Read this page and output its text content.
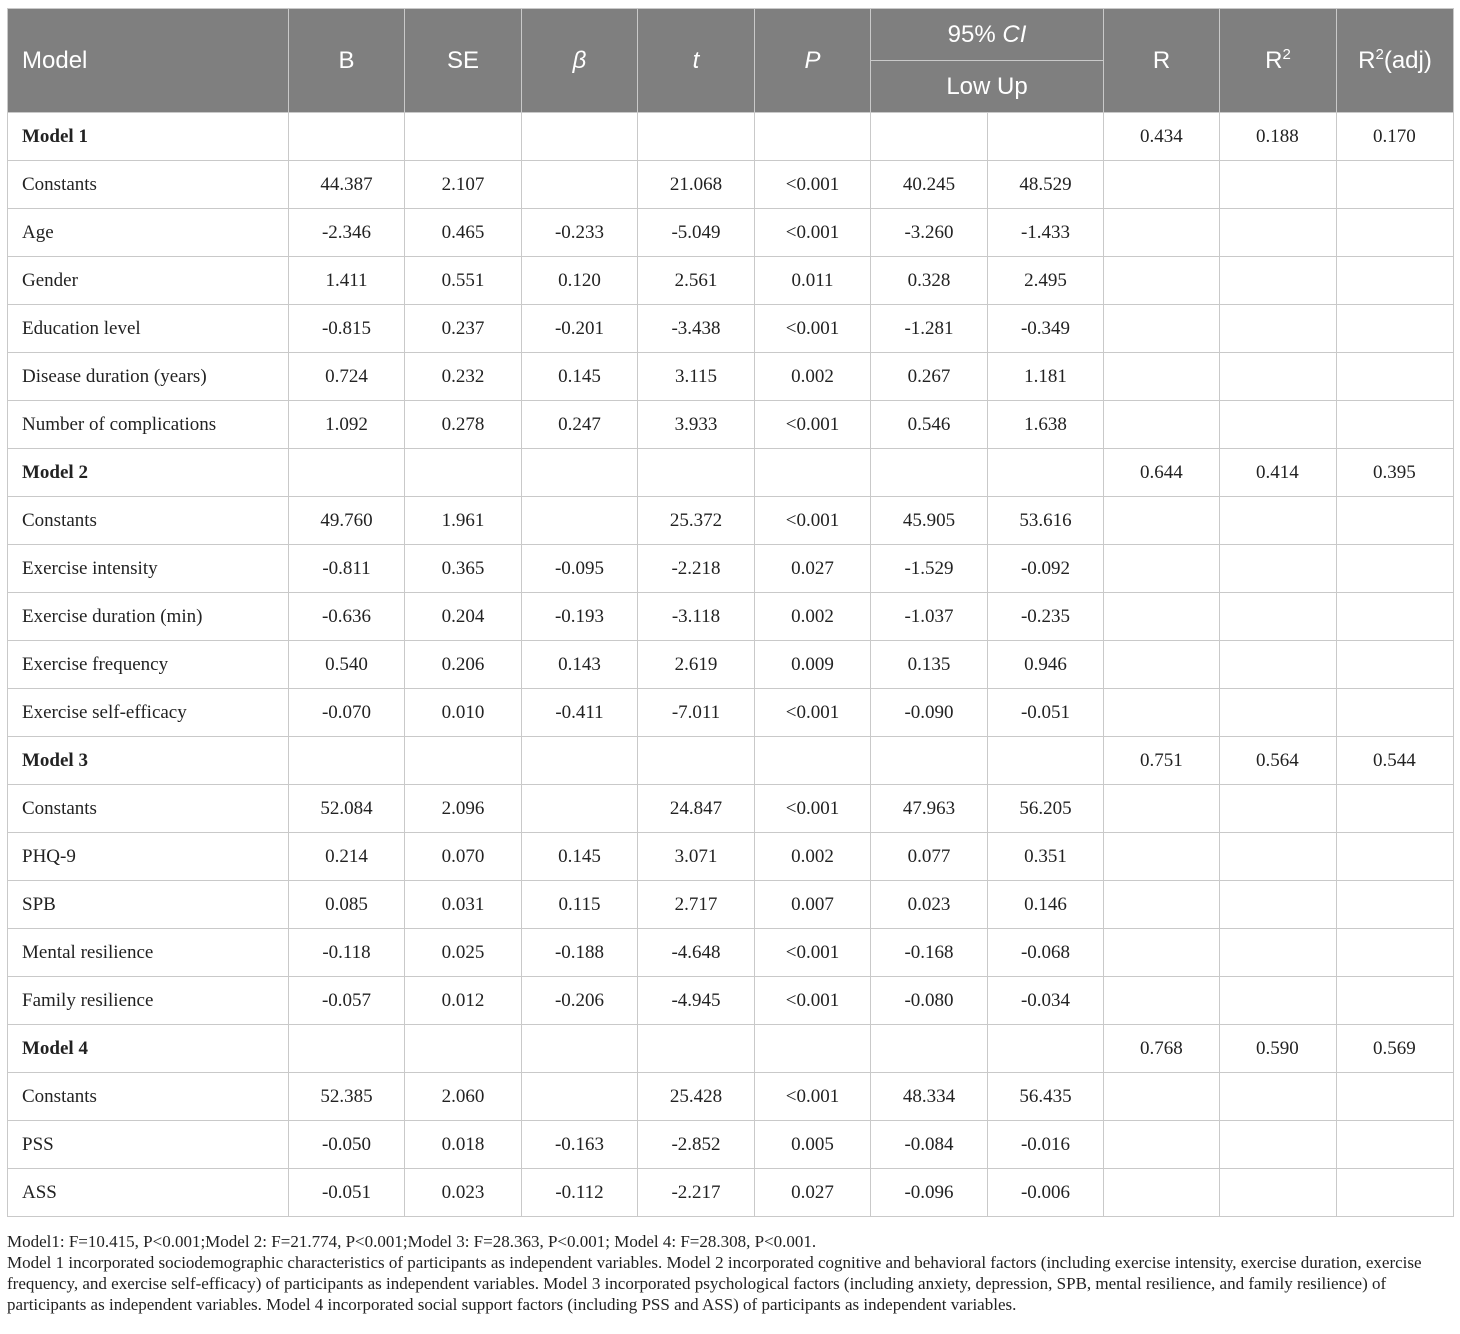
Model	B	SE	β	t	P	95% CI		R	$R^2$	$R^2(adj)$
						Low Up				
Model 1								0.434	0.188	0.170
Constants	44.387	2.107		21.068	<0.001	40.245	48.529			
Age	-2.346	0.465	-0.233	-5.049	<0.001	-3.260	-1.433			
Gender	1.411	0.551	0.120	2.561	0.011	0.328	2.495			
Education level	-0.815	0.237	-0.201	-3.438	<0.001	-1.281	-0.349			
Disease duration (years)	0.724	0.232	0.145	3.115	0.002	0.267	1.181			
Number of complications	1.092	0.278	0.247	3.933	<0.001	0.546	1.638			
Model 2								0.644	0.414	0.395
Constants	49.760	1.961		25.372	<0.001	45.905	53.616			
Exercise intensity	-0.811	0.365	-0.095	-2.218	0.027	-1.529	-0.092			
Exercise duration (min)	-0.636	0.204	-0.193	-3.118	0.002	-1.037	-0.235			
Exercise frequency	0.540	0.206	0.143	2.619	0.009	0.135	0.946			
Exercise self-efficacy	-0.070	0.010	-0.411	-7.011	<0.001	-0.090	-0.051			
Model 3								0.751	0.564	0.544
Constants	52.084	2.096		24.847	<0.001	47.963	56.205			
PHQ-9	0.214	0.070	0.145	3.071	0.002	0.077	0.351			
SPB	0.085	0.031	0.115	2.717	0.007	0.023	0.146			
Mental resilience	-0.118	0.025	-0.188	-4.648	<0.001	-0.168	-0.068			
Family resilience	-0.057	0.012	-0.206	-4.945	<0.001	-0.080	-0.034			
Model 4								0.768	0.590	0.569
Constants	52.385	2.060		25.428	<0.001	48.334	56.435			
PSS	-0.050	0.018	-0.163	-2.852	0.005	-0.084	-0.016			
ASS	-0.051	0.023	-0.112	-2.217	0.027	-0.096	-0.006			

Model1: F=10.415, P<0.001;Model 2: F=21.774, P<0.001;Model 3: F=28.363, P<0.001; Model 4: F=28.308, P<0.001.

Model 1 incorporated sociodemographic characteristics of participants as independent variables. Model 2 incorporated cognitive and behavioral factors (including exercise intensity, exercise duration, exercise frequency, and exercise self-efficacy) of participants as independent variables. Model 3 incorporated psychological factors (including anxiety, depression, SPB, mental resilience, and family resilience) of participants as independent variables. Model 4 incorporated social support factors (including PSS and ASS) of participants as independent variables.
